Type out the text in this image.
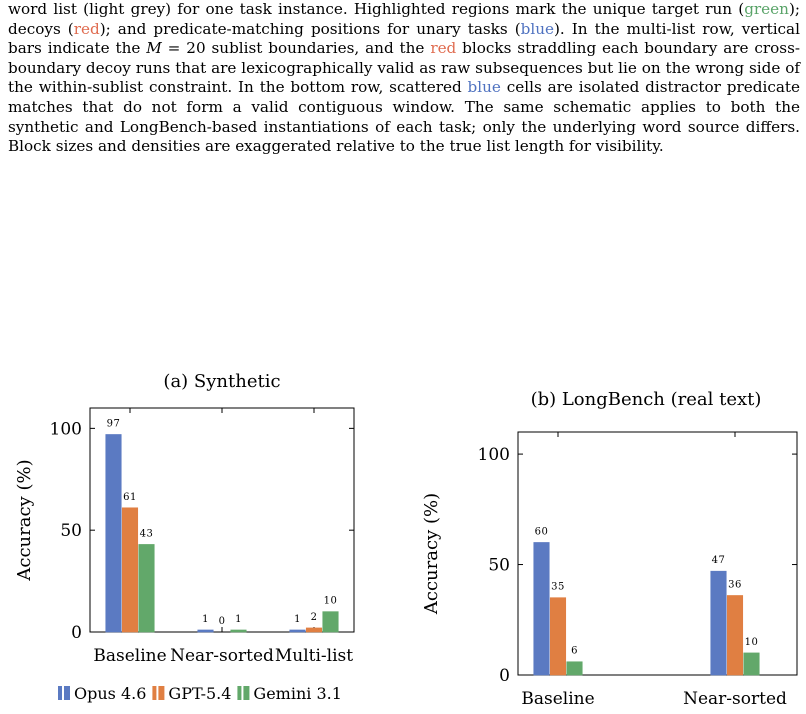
word list (light grey) for one task instance. Highlighted regions mark the unique target run (green); decoys (red); and predicate-matching positions for unary tasks (blue). In the multi-list row, vertical bars indicate the M = 20 sublist boundaries, and the red blocks straddling each boundary are cross-boundary decoy runs that are lexicographically valid as raw subsequences but lie on the wrong side of the within-sublist constraint. In the bottom row, scattered blue cells are isolated distractor predicate matches that do not form a valid contiguous window. The same schematic applies to both the synthetic and LongBench-based instantiations of each task; only the underlying word source differs. Block sizes and densities are exaggerated relative to the true list length for visibility.

(a) Synthetic
0
50
100
Accuracy (%)
Baseline
97
61
43
Near-sorted
1 0 1
Multi-list
1 2
10
Opus 4.6 GPT-5.4 Gemini 3.1
(b) LongBench (real text)
0
50
100
Accuracy (%)
Baseline
60
35
6
Near-sorted
47
36
10
